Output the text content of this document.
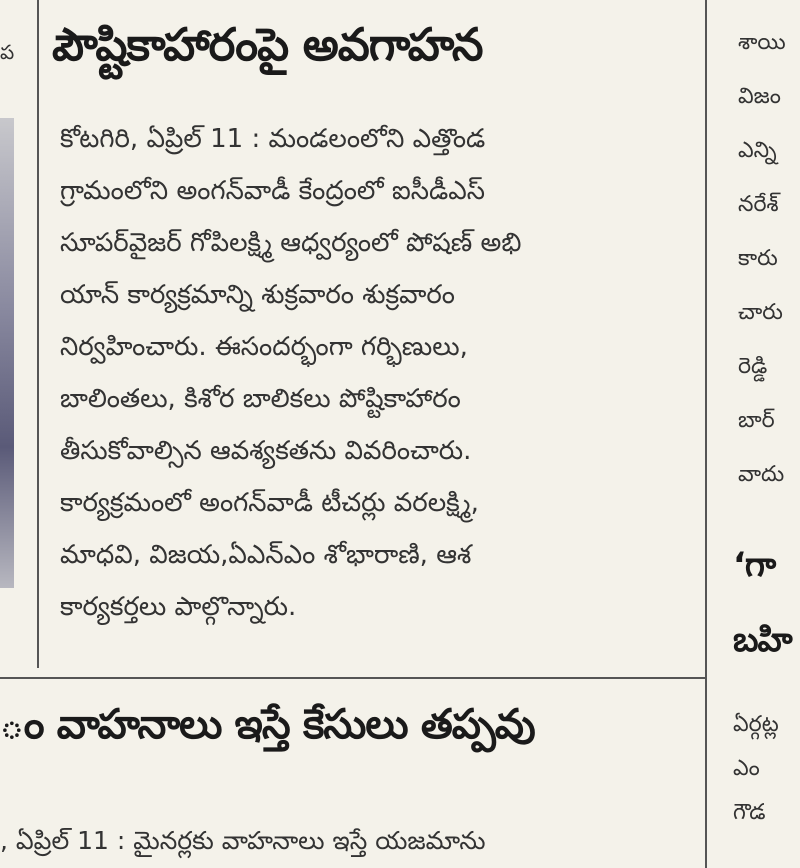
ప పౌష్టికాహారంపై అవగాహన
కోటగిరి, ఏప్రిల్ 11 : మండలంలోని ఎత్తొండ
గ్రామంలోని అంగన్‌వాడీ కేంద్రంలో ఐసీడీఎస్
సూపర్‌వైజర్ గోపిలక్ష్మి ఆధ్వర్యంలో పోషణ్ అభి
యాన్ కార్యక్రమాన్ని శుక్రవారం శుక్రవారం
నిర్వహించారు. ఈసందర్భంగా గర్భిణులు,
బాలింతలు, కిశోర బాలికలు పోష్టికాహారం
తీసుకోవాల్సిన ఆవశ్యకతను వివరించారు.
కార్యక్రమంలో అంగన్‌వాడీ టీచర్లు వరలక్ష్మి,
మాధవి, విజయ,ఏఎన్ఎం శోభారాణి, ఆశ
కార్యకర్తలు పాల్గొన్నారు.
ం వాహనాలు ఇస్తే కేసులు తప్పవు
, ఏప్రిల్ 11 : మైనర్లకు వాహనాలు ఇస్తే యజమాను
శాయి
విజం
ఎన్ని
నరేశ్
కారు
చారు
రెడ్డి
బార్
వాదు
‘గా
బహి
ఏర్గట్ల
ఎం
గౌడ
